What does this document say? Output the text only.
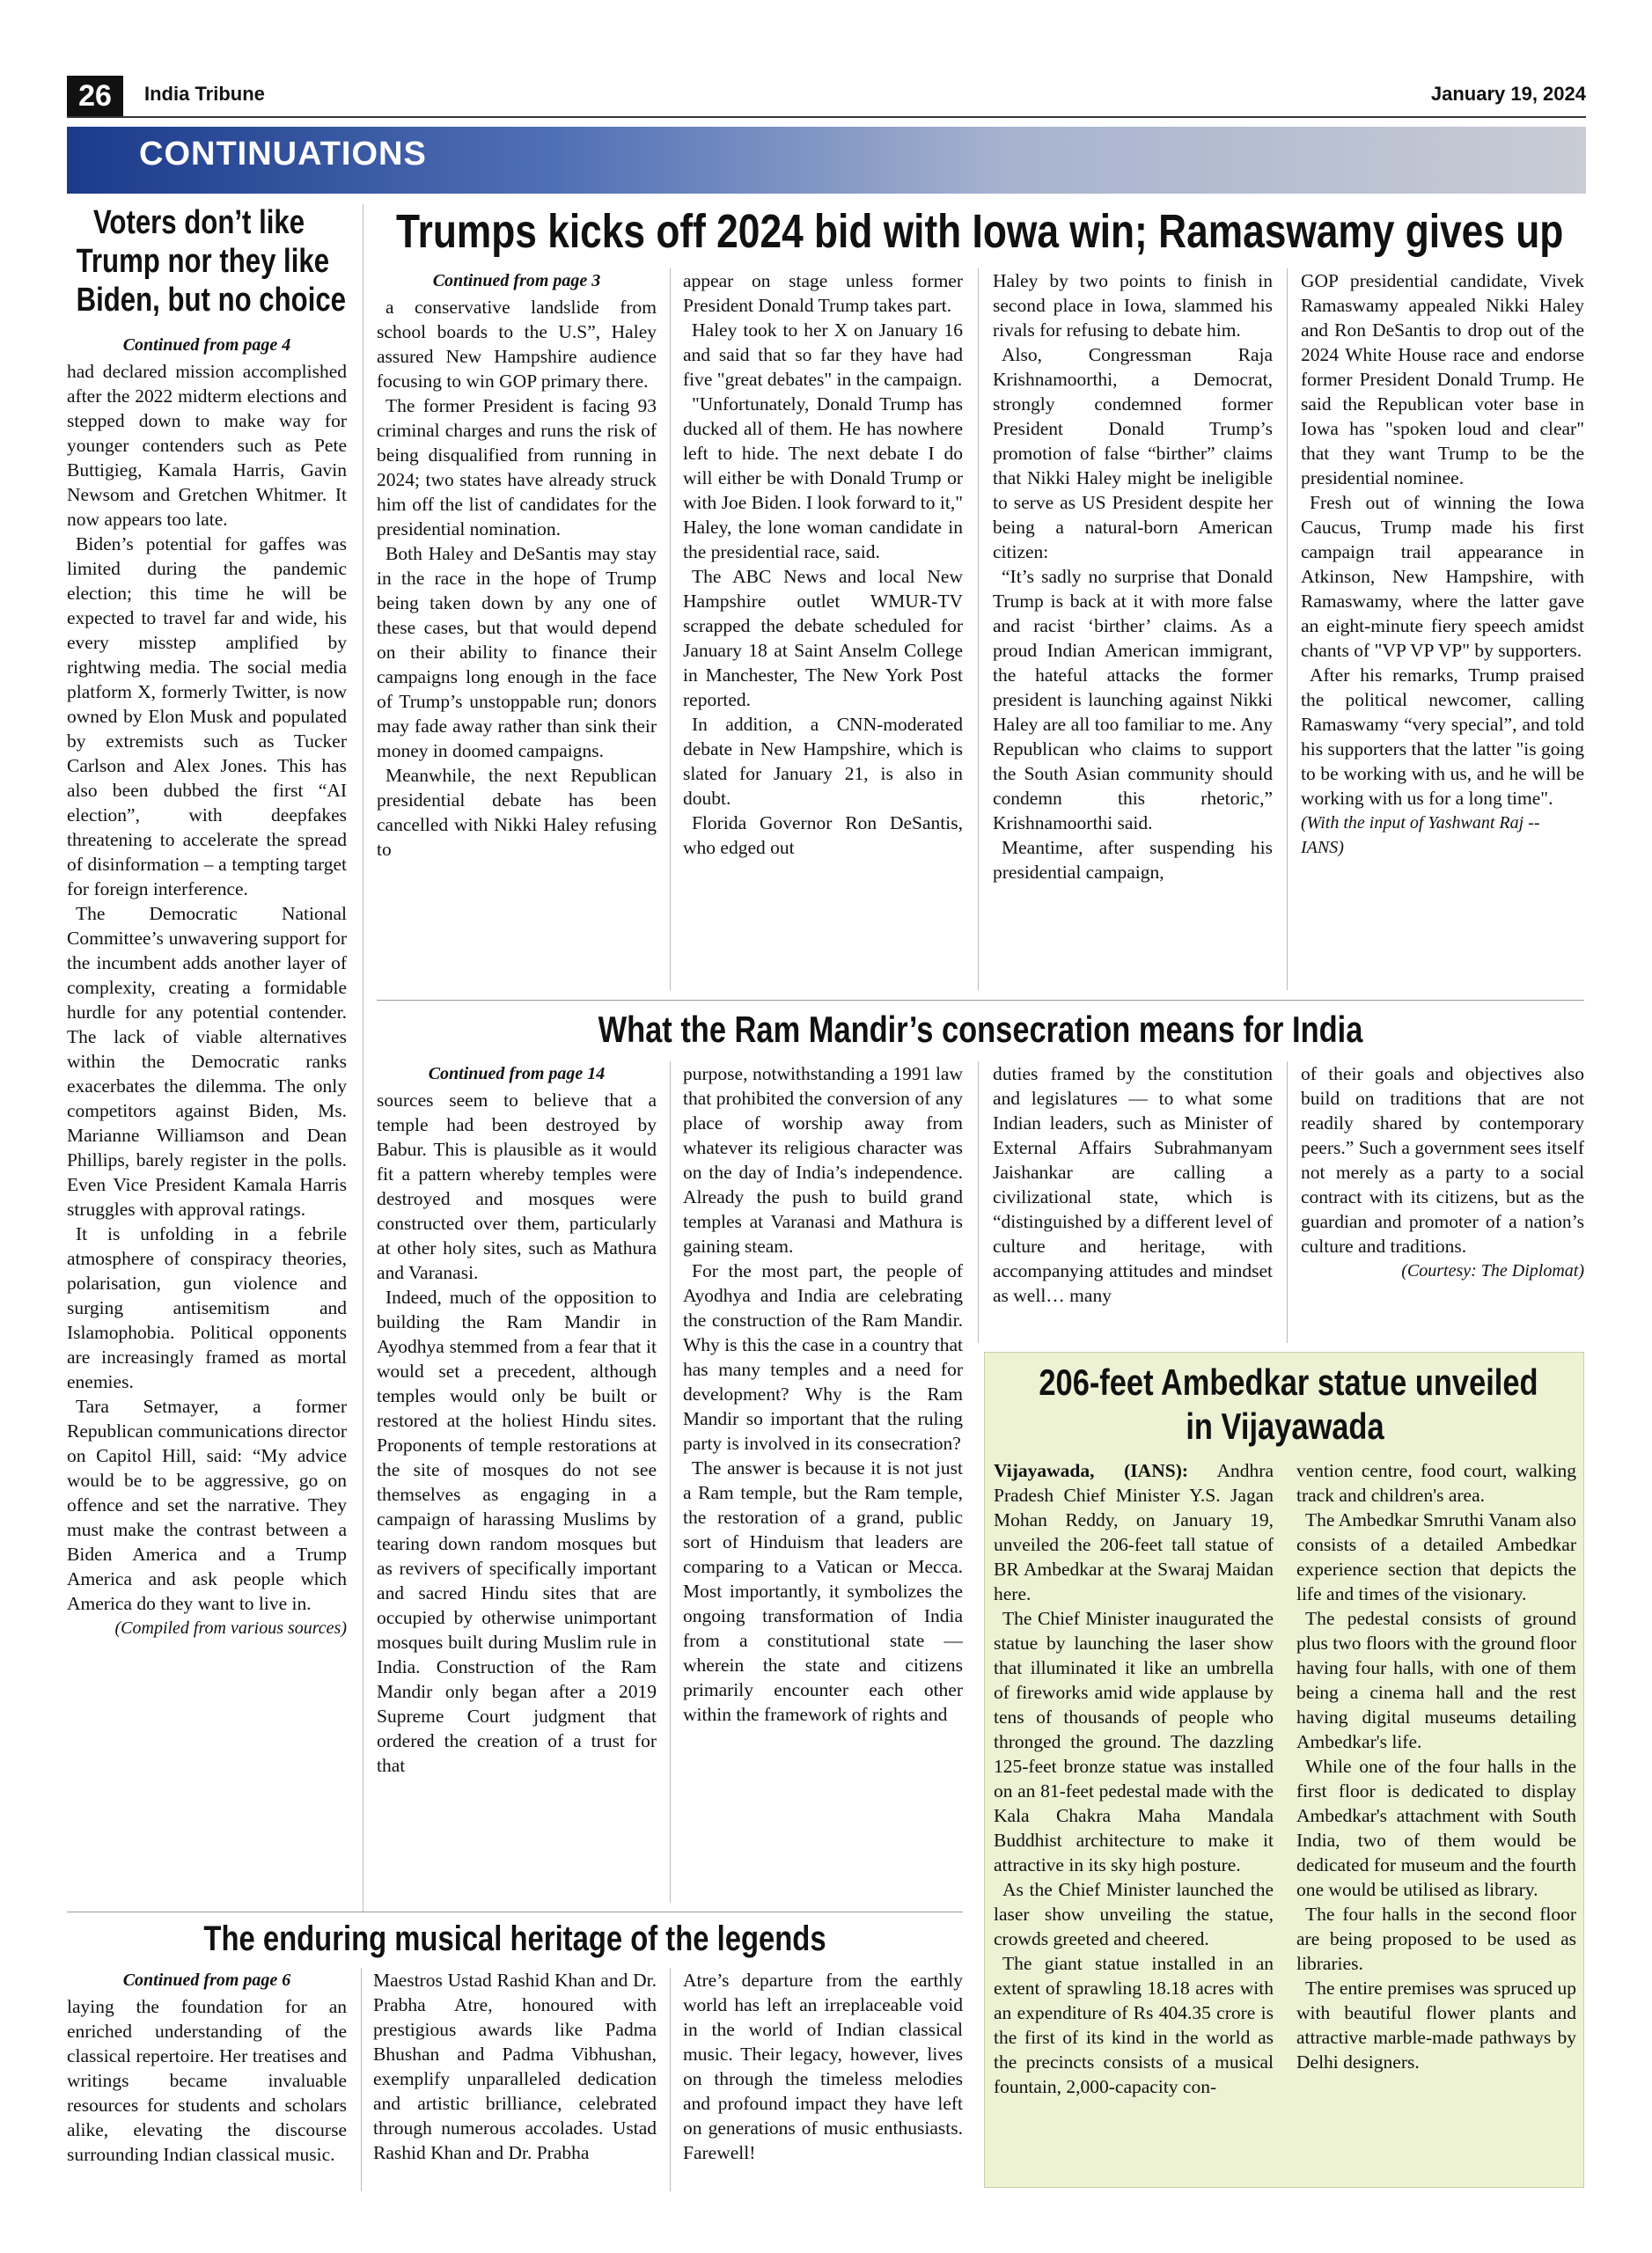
26	India Tribune	January 19, 2024
CONTINUATIONS
Voters don’t like
Trump nor they like
Biden, but no choice
Continued from page 4

had declared mission accomplished after the 2022 midterm elections and stepped down to make way for younger contenders such as Pete Buttigieg, Kamala Harris, Gavin Newsom and Gretchen Whitmer. It now appears too late.

Biden’s potential for gaffes was limited during the pandemic election; this time he will be expected to travel far and wide, his every misstep amplified by rightwing media. The social media platform X, formerly Twitter, is now owned by Elon Musk and populated by extremists such as Tucker Carlson and Alex Jones. This has also been dubbed the first “AI election”, with deepfakes threatening to accelerate the spread of disinformation – a tempting target for foreign interference.

The Democratic National Committee’s unwavering support for the incumbent adds another layer of complexity, creating a formidable hurdle for any potential contender. The lack of viable alternatives within the Democratic ranks exacerbates the dilemma. The only competitors against Biden, Ms. Marianne Williamson and Dean Phillips, barely register in the polls. Even Vice President Kamala Harris struggles with approval ratings.

It is unfolding in a febrile atmosphere of conspiracy theories, polarisation, gun violence and surging antisemitism and Islamophobia. Political opponents are increasingly framed as mortal enemies.

Tara Setmayer, a former Republican communications director on Capitol Hill, said: “My advice would be to be aggressive, go on offence and set the narrative. They must make the contrast between a Biden America and a Trump America and ask people which America do they want to live in.

(Compiled from various sources)
Trumps kicks off 2024 bid with Iowa win; Ramaswamy gives up
Continued from page 3

a conservative landslide from school boards to the U.S”, Haley assured New Hampshire audience focusing to win GOP primary there.

The former President is facing 93 criminal charges and runs the risk of being disqualified from running in 2024; two states have already struck him off the list of candidates for the presidential nomination.

Both Haley and DeSantis may stay in the race in the hope of Trump being taken down by any one of these cases, but that would depend on their ability to finance their campaigns long enough in the face of Trump’s unstoppable run; donors may fade away rather than sink their money in doomed campaigns.

Meanwhile, the next Republican presidential debate has been cancelled with Nikki Haley refusing to

appear on stage unless former President Donald Trump takes part.

Haley took to her X on January 16 and said that so far they have had five "great debates" in the campaign.

"Unfortunately, Donald Trump has ducked all of them. He has nowhere left to hide. The next debate I do will either be with Donald Trump or with Joe Biden. I look forward to it," Haley, the lone woman candidate in the presidential race, said.

The ABC News and local New Hampshire outlet WMUR-TV scrapped the debate scheduled for January 18 at Saint Anselm College in Manchester, The New York Post reported.

In addition, a CNN-moderated debate in New Hampshire, which is slated for January 21, is also in doubt.

Florida Governor Ron DeSantis, who edged out

Haley by two points to finish in second place in Iowa, slammed his rivals for refusing to debate him.

Also, Congressman Raja Krishnamoorthi, a Democrat, strongly condemned former President Donald Trump’s promotion of false “birther” claims that Nikki Haley might be ineligible to serve as US President despite her being a natural-born American citizen:

“It’s sadly no surprise that Donald Trump is back at it with more false and racist ‘birther’ claims. As a proud Indian American immigrant, the hateful attacks the former president is launching against Nikki Haley are all too familiar to me. Any Republican who claims to support the South Asian community should condemn this rhetoric,” Krishnamoorthi said.

Meantime, after suspending his presidential campaign,

GOP presidential candidate, Vivek Ramaswamy appealed Nikki Haley and Ron DeSantis to drop out of the 2024 White House race and endorse former President Donald Trump. He said the Republican voter base in Iowa has "spoken loud and clear" that they want Trump to be the presidential nominee.

Fresh out of winning the Iowa Caucus, Trump made his first campaign trail appearance in Atkinson, New Hampshire, with Ramaswamy, where the latter gave an eight-minute fiery speech amidst chants of "VP VP VP" by supporters.

After his remarks, Trump praised the political newcomer, calling Ramaswamy “very special”, and told his supporters that the latter "is going to be working with us, and he will be working with us for a long time".

(With the input of Yashwant Raj -- IANS)
What the Ram Mandir’s consecration means for India
Continued from page 14

sources seem to believe that a temple had been destroyed by Babur. This is plausible as it would fit a pattern whereby temples were destroyed and mosques were constructed over them, particularly at other holy sites, such as Mathura and Varanasi.

Indeed, much of the opposition to building the Ram Mandir in Ayodhya stemmed from a fear that it would set a precedent, although temples would only be built or restored at the holiest Hindu sites. Proponents of temple restorations at the site of mosques do not see themselves as engaging in a campaign of harassing Muslims by tearing down random mosques but as revivers of specifically important and sacred Hindu sites that are occupied by otherwise unimportant mosques built during Muslim rule in India. Construction of the Ram Mandir only began after a 2019 Supreme Court judgment that ordered the creation of a trust for that

purpose, notwithstanding a 1991 law that prohibited the conversion of any place of worship away from whatever its religious character was on the day of India’s independence. Already the push to build grand temples at Varanasi and Mathura is gaining steam.

For the most part, the people of Ayodhya and India are celebrating the construction of the Ram Mandir. Why is this the case in a country that has many temples and a need for development? Why is the Ram Mandir so important that the ruling party is involved in its consecration?

The answer is because it is not just a Ram temple, but the Ram temple, the restoration of a grand, public sort of Hinduism that leaders are comparing to a Vatican or Mecca. Most importantly, it symbolizes the ongoing transformation of India from a constitutional state — wherein the state and citizens primarily encounter each other within the framework of rights and

duties framed by the constitution and legislatures — to what some Indian leaders, such as Minister of External Affairs Subrahmanyam Jaishankar are calling a civilizational state, which is “distinguished by a different level of culture and heritage, with accompanying attitudes and mindset as well… many

of their goals and objectives also build on traditions that are not readily shared by contemporary peers.” Such a government sees itself not merely as a party to a social contract with its citizens, but as the guardian and promoter of a nation’s culture and traditions.

(Courtesy: The Diplomat)
206-feet Ambedkar statue unveiled
in Vijayawada

Vijayawada, (IANS): Andhra Pradesh Chief Minister Y.S. Jagan Mohan Reddy, on January 19, unveiled the 206-feet tall statue of BR Ambedkar at the Swaraj Maidan here.

The Chief Minister inaugurated the statue by launching the laser show that illuminated it like an umbrella of fireworks amid wide applause by tens of thousands of people who thronged the ground. The dazzling 125-feet bronze statue was installed on an 81-feet pedestal made with the Kala Chakra Maha Mandala Buddhist architecture to make it attractive in its sky high posture.

As the Chief Minister launched the laser show unveiling the statue, crowds greeted and cheered.

The giant statue installed in an extent of sprawling 18.18 acres with an expenditure of Rs 404.35 crore is the first of its kind in the world as the precincts consists of a musical fountain, 2,000-capacity con-

vention centre, food court, walking track and children's area.

The Ambedkar Smruthi Vanam also consists of a detailed Ambedkar experience section that depicts the life and times of the visionary.

The pedestal consists of ground plus two floors with the ground floor having four halls, with one of them being a cinema hall and the rest having digital museums detailing Ambedkar's life.

While one of the four halls in the first floor is dedicated to display Ambedkar's attachment with South India, two of them would be dedicated for museum and the fourth one would be utilised as library.

The four halls in the second floor are being proposed to be used as libraries.

The entire premises was spruced up with beautiful flower plants and attractive marble-made pathways by Delhi designers.

The enduring musical heritage of the legends
Continued from page 6

laying the foundation for an enriched understanding of the classical repertoire. Her treatises and writings became invaluable resources for students and scholars alike, elevating the discourse surrounding Indian classical music.

Maestros Ustad Rashid Khan and Dr. Prabha Atre, honoured with prestigious awards like Padma Bhushan and Padma Vibhushan, exemplify unparalleled dedication and artistic brilliance, celebrated through numerous accolades. Ustad Rashid Khan and Dr. Prabha

Atre’s departure from the earthly world has left an irreplaceable void in the world of Indian classical music. Their legacy, however, lives on through the timeless melodies and profound impact they have left on generations of music enthusiasts. Farewell!
